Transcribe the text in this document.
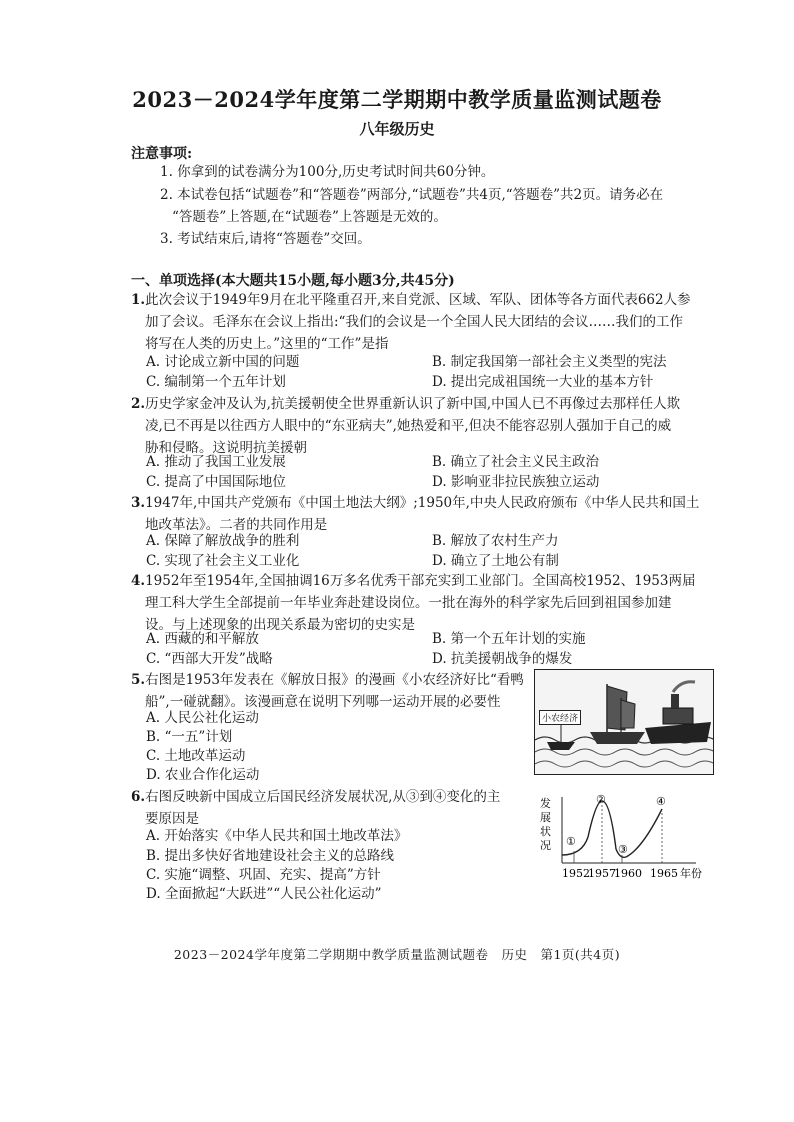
2023－2024学年度第二学期期中教学质量监测试题卷
八年级历史
注意事项:
1. 你拿到的试卷满分为100分,历史考试时间共60分钟。
2. 本试卷包括“试题卷”和“答题卷”两部分,“试题卷”共4页,“答题卷”共2页。请务必在
“答题卷”上答题,在“试题卷”上答题是无效的。
3. 考试结束后,请将“答题卷”交回。
一、单项选择(本大题共15小题,每小题3分,共45分)
1.此次会议于1949年9月在北平隆重召开,来自党派、区域、军队、团体等各方面代表662人参
加了会议。毛泽东在会议上指出:“我们的会议是一个全国人民大团结的会议……我们的工作
将写在人类的历史上。”这里的“工作”是指
A. 讨论成立新中国的问题	B. 制定我国第一部社会主义类型的宪法
C. 编制第一个五年计划	D. 提出完成祖国统一大业的基本方针
2.历史学家金冲及认为,抗美援朝使全世界重新认识了新中国,中国人已不再像过去那样任人欺
凌,已不再是以往西方人眼中的“东亚病夫”,她热爱和平,但决不能容忍别人强加于自己的威
胁和侵略。这说明抗美援朝
A. 推动了我国工业发展	B. 确立了社会主义民主政治
C. 提高了中国国际地位	D. 影响亚非拉民族独立运动
3.1947年,中国共产党颁布《中国土地法大纲》;1950年,中央人民政府颁布《中华人民共和国土
地改革法》。二者的共同作用是
A. 保障了解放战争的胜利	B. 解放了农村生产力
C. 实现了社会主义工业化	D. 确立了土地公有制
4.1952年至1954年,全国抽调16万多名优秀干部充实到工业部门。全国高校1952、1953两届
理工科大学生全部提前一年毕业奔赴建设岗位。一批在海外的科学家先后回到祖国参加建
设。与上述现象的出现关系最为密切的史实是
A. 西藏的和平解放	B. 第一个五年计划的实施
C. “西部大开发”战略	D. 抗美援朝战争的爆发
5.右图是1953年发表在《解放日报》的漫画《小农经济好比“看鸭
船”,一碰就翻》。该漫画意在说明下列哪一运动开展的必要性
A. 人民公社化运动
B. “一五”计划
C. 土地改革运动
D. 农业合作化运动
小农经济
6.右图反映新中国成立后国民经济发展状况,从③到④变化的主
要原因是
A. 开始落实《中华人民共和国土地改革法》
B. 提出多快好省地建设社会主义的总路线
C. 实施“调整、巩固、充实、提高”方针
D. 全面掀起“大跃进”“人民公社化运动”
发
展
状
况 ①
②
③
④
1952
1957
1960 1965 年份
2023－2024学年度第二学期期中教学质量监测试题卷　历史　第1页(共4页)
